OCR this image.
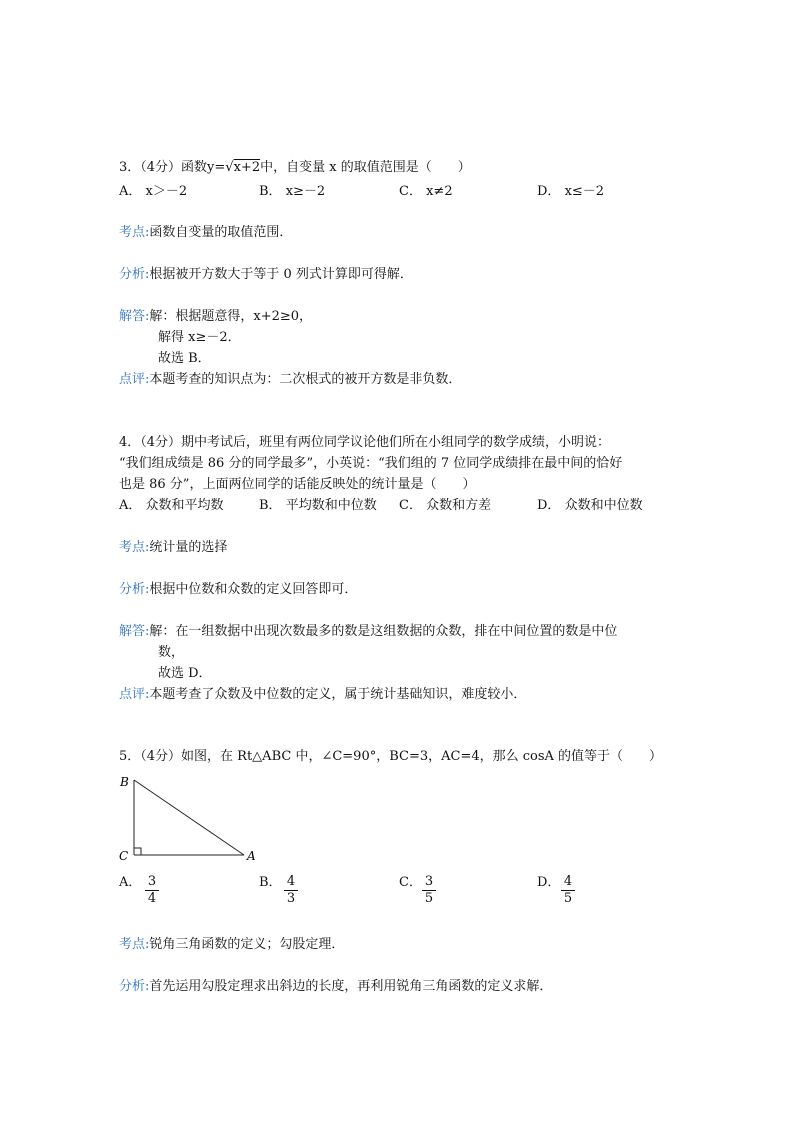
3．（4分）函数y=√x+2中，自变量 x 的取值范围是（　　）
A． x＞－2	B． x≥－2	C． x≠2	D． x≤－2
考点:函数自变量的取值范围．
分析:根据被开方数大于等于 0 列式计算即可得解．
解答:解：根据题意得，x+2≥0，
解得 x≥－2．
故选 B．
点评:本题考查的知识点为：二次根式的被开方数是非负数．
4．（4分）期中考试后，班里有两位同学议论他们所在小组同学的数学成绩，小明说：
“我们组成绩是 86 分的同学最多”，小英说：“我们组的 7 位同学成绩排在最中间的恰好
也是 86 分”，上面两位同学的话能反映处的统计量是（　　）
A． 众数和平均数	B． 平均数和中位数 C． 众数和方差	D． 众数和中位数
考点:统计量的选择
分析:根据中位数和众数的定义回答即可．
解答:解：在一组数据中出现次数最多的数是这组数据的众数，排在中间位置的数是中位
数，
故选 D．
点评:本题考查了众数及中位数的定义，属于统计基础知识，难度较小．
5．（4分）如图，在 Rt△ABC 中，∠C=90°，BC=3，AC=4，那么 cosA 的值等于（　　）
B
C	A
A． $\frac{3}{4}$	B． $\frac{4}{3}$	C． $\frac{3}{5}$	D． $\frac{4}{5}$
考点:锐角三角函数的定义；勾股定理．
分析:首先运用勾股定理求出斜边的长度，再利用锐角三角函数的定义求解．
